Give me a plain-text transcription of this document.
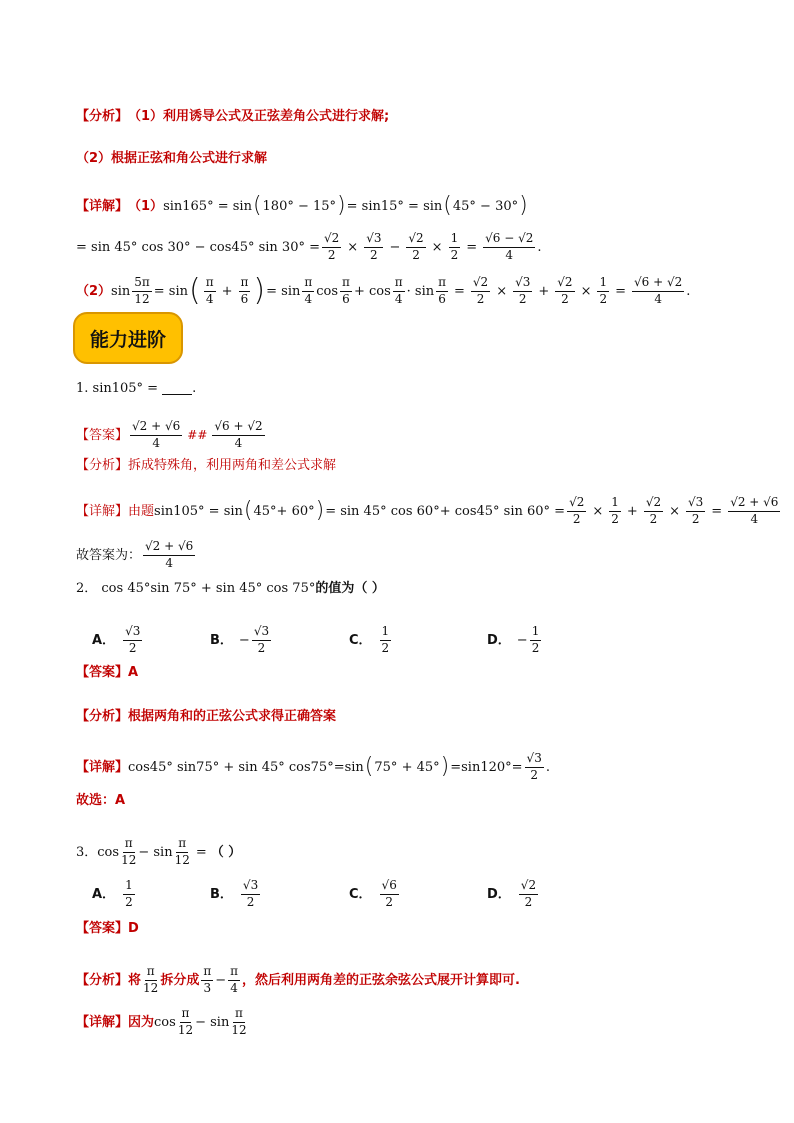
【分析】 （1）利用诱导公式及正弦差角公式进行求解;
（2）根据正弦和角公式进行求解
【详解】 （1） sin165° = sin ( 180° − 15° ) = sin15° = sin ( 45° − 30° )
= sin 45° cos 30° − cos45° $\sin 30^\circ = \frac{√2}{2} \times \frac{√3}{2} - \frac{√2}{2} \times \frac{1}{2} = \frac{√6 - √2}{4}$ .
（2） $\sin \frac{5\pi}{12} = \sin$ ( $\frac{\pi}{4} + \frac{\pi}{6}$ ) = $\sin \frac{\pi}{4}$ $\cos \frac{\pi}{6} + \cos \frac{\pi}{4} \cdot \sin \frac{\pi}{6} = \frac{√2}{2} \times \frac{√3}{2} + \frac{√2}{2} \times \frac{1}{2} = \frac{√6 + √2}{4}$ .
能力进阶
1. sin105° =	.
【答案】 $\frac{√2 + √6}{4}$ ## $\frac{√6 + √2}{4}$
【分析】 拆成特殊角，利用两角和差公式求解
【详解】 由题 sin105° = sin ( 45°+ 60° ) = sin 45° cos 60°+ cos45° $\sin 60^\circ = \frac{√2}{2} \times \frac{1}{2} + \frac{√2}{2} \times \frac{√3}{2} = \frac{√2 + √6}{4}$
故答案为： $\frac{√2 + √6}{4}$
2． cos 45°sin 75° + sin 45° cos 75° 的值为（ ）
A． $\frac{√3}{2}$	B． − $\frac{√3}{2}$	C． $\frac{1}{2}$	D． − $\frac{1}{2}$
【答案】A
【分析】根据两角和的正弦公式求得正确答案
【详解】 cos45° sin75° + sin 45° cos75°=sin ( 75° + 45° ) $=\sin 120^\circ= \frac{√3}{2}$ .
故选：A
3． $\cos \frac{\pi}{12} - \sin \frac{\pi}{12}$ = （ ）
A． $\frac{1}{2}$	B． $\frac{√3}{2}$	C． $\frac{√6}{2}$	D． $\frac{√2}{2}$
【答案】D
【分析】 将 $\frac{\pi}{12}$ 拆分成 $\frac{\pi}{3} - \frac{\pi}{4}$ ，然后利用两角差的正弦余弦公式展开计算即可.
【详解】 因为 $\cos \frac{\pi}{12} - \sin \frac{\pi}{12}$
